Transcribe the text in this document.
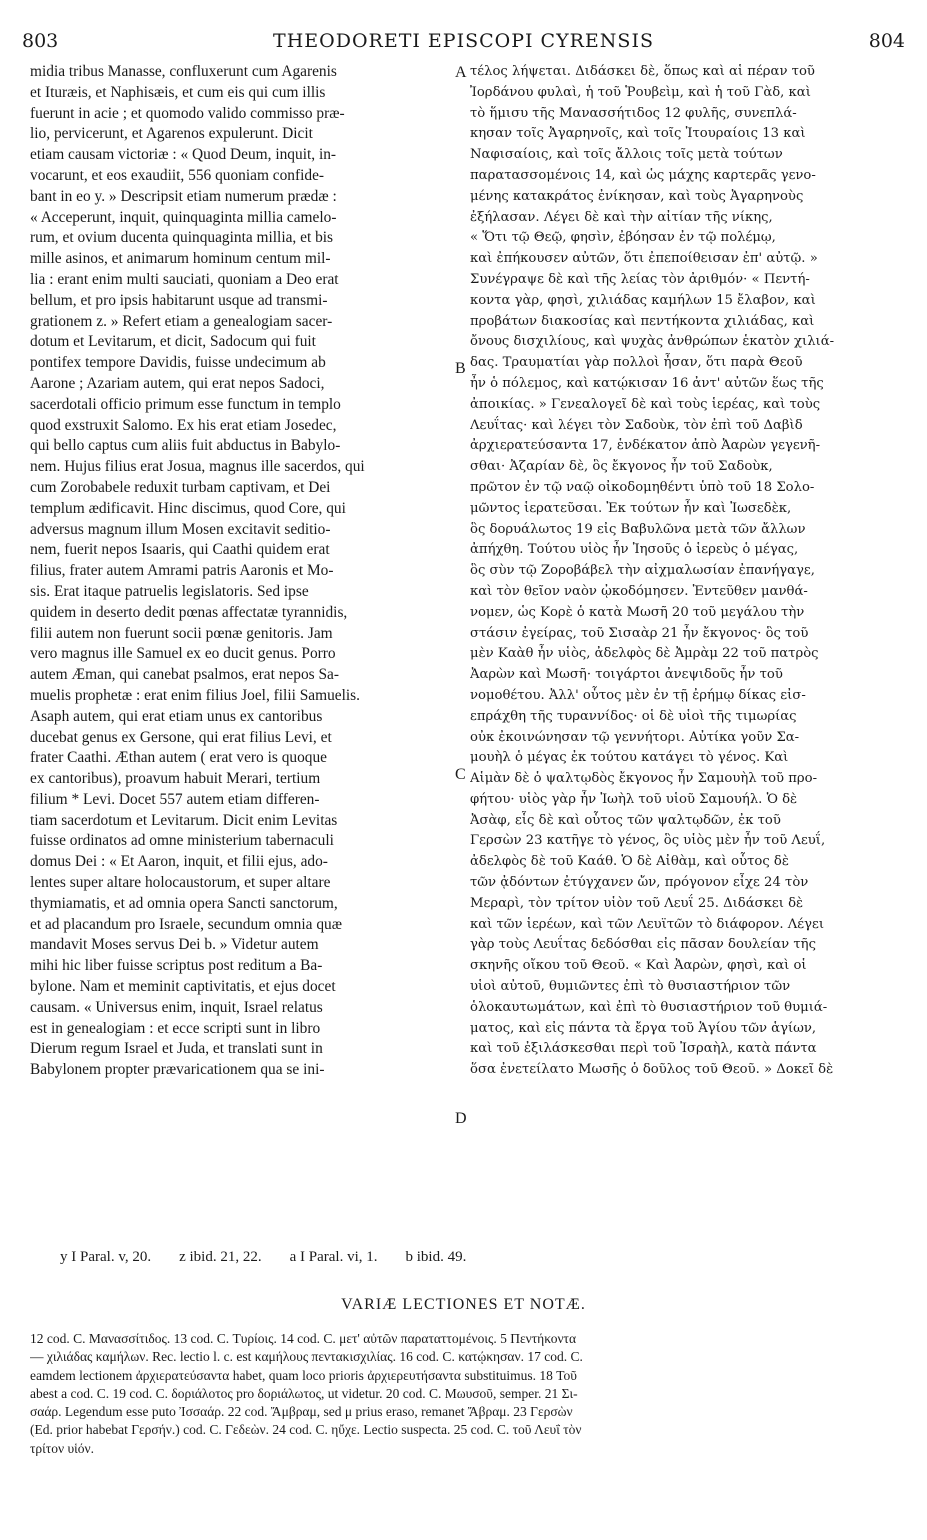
803	THEODORETI EPISCOPI CYRENSIS	804
midia tribus Manasse, confluxerunt cum Agarenis
et Ituræis, et Naphisæis, et cum eis qui cum illis
fuerunt in acie ; et quomodo valido commisso præ-
lio, pervicerunt, et Agarenos expulerunt. Dicit
etiam causam victoriæ : « Quod Deum, inquit, in-
vocarunt, et eos exaudiit, 556 quoniam confide-
bant in eo y. » Descripsit etiam numerum prædæ :
« Acceperunt, inquit, quinquaginta millia camelo-
rum, et ovium ducenta quinquaginta millia, et bis
mille asinos, et animarum hominum centum mil-
lia : erant enim multi sauciati, quoniam a Deo erat
bellum, et pro ipsis habitarunt usque ad transmi-
grationem z. » Refert etiam a genealogiam sacer-
dotum et Levitarum, et dicit, Sadocum qui fuit
pontifex tempore Davidis, fuisse undecimum ab
Aarone ; Azariam autem, qui erat nepos Sadoci,
sacerdotali officio primum esse functum in templo
quod exstruxit Salomo. Ex his erat etiam Josedec,
qui bello captus cum aliis fuit abductus in Babylo-
nem. Hujus filius erat Josua, magnus ille sacerdos, qui
cum Zorobabele reduxit turbam captivam, et Dei
templum ædificavit. Hinc discimus, quod Core, qui
adversus magnum illum Mosen excitavit seditio-
nem, fuerit nepos Isaaris, qui Caathi quidem erat
filius, frater autem Amrami patris Aaronis et Mo-
sis. Erat itaque patruelis legislatoris. Sed ipse
quidem in deserto dedit pœnas affectatæ tyrannidis,
filii autem non fuerunt socii pœnæ genitoris. Jam
vero magnus ille Samuel ex eo ducit genus. Porro
autem Æman, qui canebat psalmos, erat nepos Sa-
muelis prophetæ : erat enim filius Joel, filii Samuelis.
Asaph autem, qui erat etiam unus ex cantoribus
ducebat genus ex Gersone, qui erat filius Levi, et
frater Caathi. Æthan autem ( erat vero is quoque
ex cantoribus), proavum habuit Merari, tertium
filium * Levi. Docet 557 autem etiam differen-
tiam sacerdotum et Levitarum. Dicit enim Levitas
fuisse ordinatos ad omne ministerium tabernaculi
domus Dei : « Et Aaron, inquit, et filii ejus, ado-
lentes super altare holocaustorum, et super altare
thymiamatis, et ad omnia opera Sancti sanctorum,
et ad placandum pro Israele, secundum omnia quæ
mandavit Moses servus Dei b. » Videtur autem
mihi hic liber fuisse scriptus post reditum a Ba-
bylone. Nam et meminit captivitatis, et ejus docet
causam. « Universus enim, inquit, Israel relatus
est in genealogiam : et ecce scripti sunt in libro
Dierum regum Israel et Juda, et translati sunt in
Babylonem propter prævaricationem qua se ini-
A
B
C
D
τέλος λήψεται. Διδάσκει δὲ, ὅπως καὶ αἱ πέραν τοῦ
Ἰορδάνου φυλαὶ, ἡ τοῦ Ῥουβεὶμ, καὶ ἡ τοῦ Γὰδ, καὶ
τὸ ἥμισυ τῆς Μανασσήτιδος 12 φυλῆς, συνεπλά-
κησαν τοῖς Ἀγαρηνοῖς, καὶ τοῖς Ἰτουραίοις 13 καὶ
Ναφισαίοις, καὶ τοῖς ἄλλοις τοῖς μετὰ τούτων
παρατασσομένοις 14, καὶ ὡς μάχης καρτερᾶς γενο-
μένης κατακράτος ἐνίκησαν, καὶ τοὺς Ἀγαρηνοὺς
ἐξήλασαν. Λέγει δὲ καὶ τὴν αἰτίαν τῆς νίκης,
« Ὅτι τῷ Θεῷ, φησὶν, ἐβόησαν ἐν τῷ πολέμῳ,
καὶ ἐπήκουσεν αὐτῶν, ὅτι ἐπεποίθεισαν ἐπ' αὐτῷ. »
Συνέγραψε δὲ καὶ τῆς λείας τὸν ἀριθμόν· « Πεντή-
κοντα γὰρ, φησὶ, χιλιάδας καμήλων 15 ἔλαβον, καὶ
προβάτων διακοσίας καὶ πεντήκοντα χιλιάδας, καὶ
ὄνους δισχιλίους, καὶ ψυχὰς ἀνθρώπων ἑκατὸν χιλιά-
δας. Τραυματίαι γὰρ πολλοὶ ἦσαν, ὅτι παρὰ Θεοῦ
ἦν ὁ πόλεμος, καὶ κατῴκισαν 16 ἀντ' αὐτῶν ἕως τῆς
ἀποικίας. » Γενεαλογεῖ δὲ καὶ τοὺς ἱερέας, καὶ τοὺς
Λευΐτας· καὶ λέγει τὸν Σαδοὺκ, τὸν ἐπὶ τοῦ Δαβὶδ
ἀρχιερατεύσαντα 17, ἑνδέκατον ἀπὸ Ἀαρὼν γεγενῆ-
σθαι· Ἀζαρίαν δὲ, ὃς ἔκγονος ἦν τοῦ Σαδοὺκ,
πρῶτον ἐν τῷ ναῷ οἰκοδομηθέντι ὑπὸ τοῦ 18 Σολο-
μῶντος ἱερατεῦσαι. Ἐκ τούτων ἦν καὶ Ἰωσεδὲκ,
ὃς δορυάλωτος 19 εἰς Βαβυλῶνα μετὰ τῶν ἄλλων
ἀπήχθη. Τούτου υἱὸς ἦν Ἰησοῦς ὁ ἱερεὺς ὁ μέγας,
ὃς σὺν τῷ Ζοροβάβελ τὴν αἰχμαλωσίαν ἐπανήγαγε,
καὶ τὸν θεῖον ναὸν ᾠκοδόμησεν. Ἐντεῦθεν μανθά-
νομεν, ὡς Κορὲ ὁ κατὰ Μωσῆ 20 τοῦ μεγάλου τὴν
στάσιν ἐγείρας, τοῦ Σισαὰρ 21 ἦν ἔκγονος· ὃς τοῦ
μὲν Καὰθ ἦν υἱὸς, ἀδελφὸς δὲ Ἀμρὰμ 22 τοῦ πατρὸς
Ἀαρὼν καὶ Μωσῆ· τοιγάρτοι ἀνεψιδοῦς ἦν τοῦ
νομοθέτου. Ἀλλ' οὗτος μὲν ἐν τῇ ἐρήμῳ δίκας εἰσ-
επράχθη τῆς τυραννίδος· οἱ δὲ υἱοὶ τῆς τιμωρίας
οὐκ ἐκοινώνησαν τῷ γεννήτορι. Αὐτίκα γοῦν Σα-
μουὴλ ὁ μέγας ἐκ τούτου κατάγει τὸ γένος. Καὶ
Αἱμὰν δὲ ὁ ψαλτῳδὸς ἔκγονος ἦν Σαμουὴλ τοῦ προ-
φήτου· υἱὸς γὰρ ἦν Ἰωὴλ τοῦ υἱοῦ Σαμουήλ. Ὁ δὲ
Ἀσὰφ, εἷς δὲ καὶ οὗτος τῶν ψαλτῳδῶν, ἐκ τοῦ
Γερσὼν 23 κατῆγε τὸ γένος, ὃς υἱὸς μὲν ἦν τοῦ Λευΐ,
ἀδελφὸς δὲ τοῦ Καάθ. Ὁ δὲ Αἰθὰμ, καὶ οὗτος δὲ
τῶν ᾀδόντων ἐτύγχανεν ὤν, πρόγονον εἶχε 24 τὸν
Μεραρὶ, τὸν τρίτον υἱὸν τοῦ Λευΐ 25. Διδάσκει δὲ
καὶ τῶν ἱερέων, καὶ τῶν Λευϊτῶν τὸ διάφορον. Λέγει
γὰρ τοὺς Λευΐτας δεδόσθαι εἰς πᾶσαν δουλείαν τῆς
σκηνῆς οἴκου τοῦ Θεοῦ. « Καὶ Ἀαρὼν, φησὶ, καὶ οἱ
υἱοὶ αὐτοῦ, θυμιῶντες ἐπὶ τὸ θυσιαστήριον τῶν
ὁλοκαυτωμάτων, καὶ ἐπὶ τὸ θυσιαστήριον τοῦ θυμιά-
ματος, καὶ εἰς πάντα τὰ ἔργα τοῦ Ἁγίου τῶν ἁγίων,
καὶ τοῦ ἐξιλάσκεσθαι περὶ τοῦ Ἰσραὴλ, κατὰ πάντα
ὅσα ἐνετείλατο Μωσῆς ὁ δοῦλος τοῦ Θεοῦ. » Δοκεῖ δὲ
y I Paral. v, 20. z ibid. 21, 22. a I Paral. vi, 1. b ibid. 49.
VARIÆ LECTIONES ET NOTÆ.
12 cod. C. Μανασσίτιδος. 13 cod. C. Τυρίοις. 14 cod. C. μετ' αὐτῶν παραταττομένοις. 5 Πεντήκοντα
— χιλιάδας καμήλων. Rec. lectio l. c. est καμήλους πεντακισχιλίας. 16 cod. C. κατῴκησαν. 17 cod. C.
eamdem lectionem ἀρχιερατεύσαντα habet, quam loco prioris ἀρχιερευτήσαντα substituimus. 18 Τοῦ
abest a cod. C. 19 cod. C. δοριάλοτος pro δοριάλωτος, ut videtur. 20 cod. C. Μωυσοῦ, semper. 21 Σι-
σαάρ. Legendum esse puto Ἰσσαάρ. 22 cod. Ἄμβραμ, sed μ prius eraso, remanet Ἄβραμ. 23 Γερσὼν
(Ed. prior habebat Γερσήν.) cod. C. Γεδεὼν. 24 cod. C. ηὔχε. Lectio suspecta. 25 cod. C. τοῦ Λευΐ τὸν
τρίτον υἱόν.
